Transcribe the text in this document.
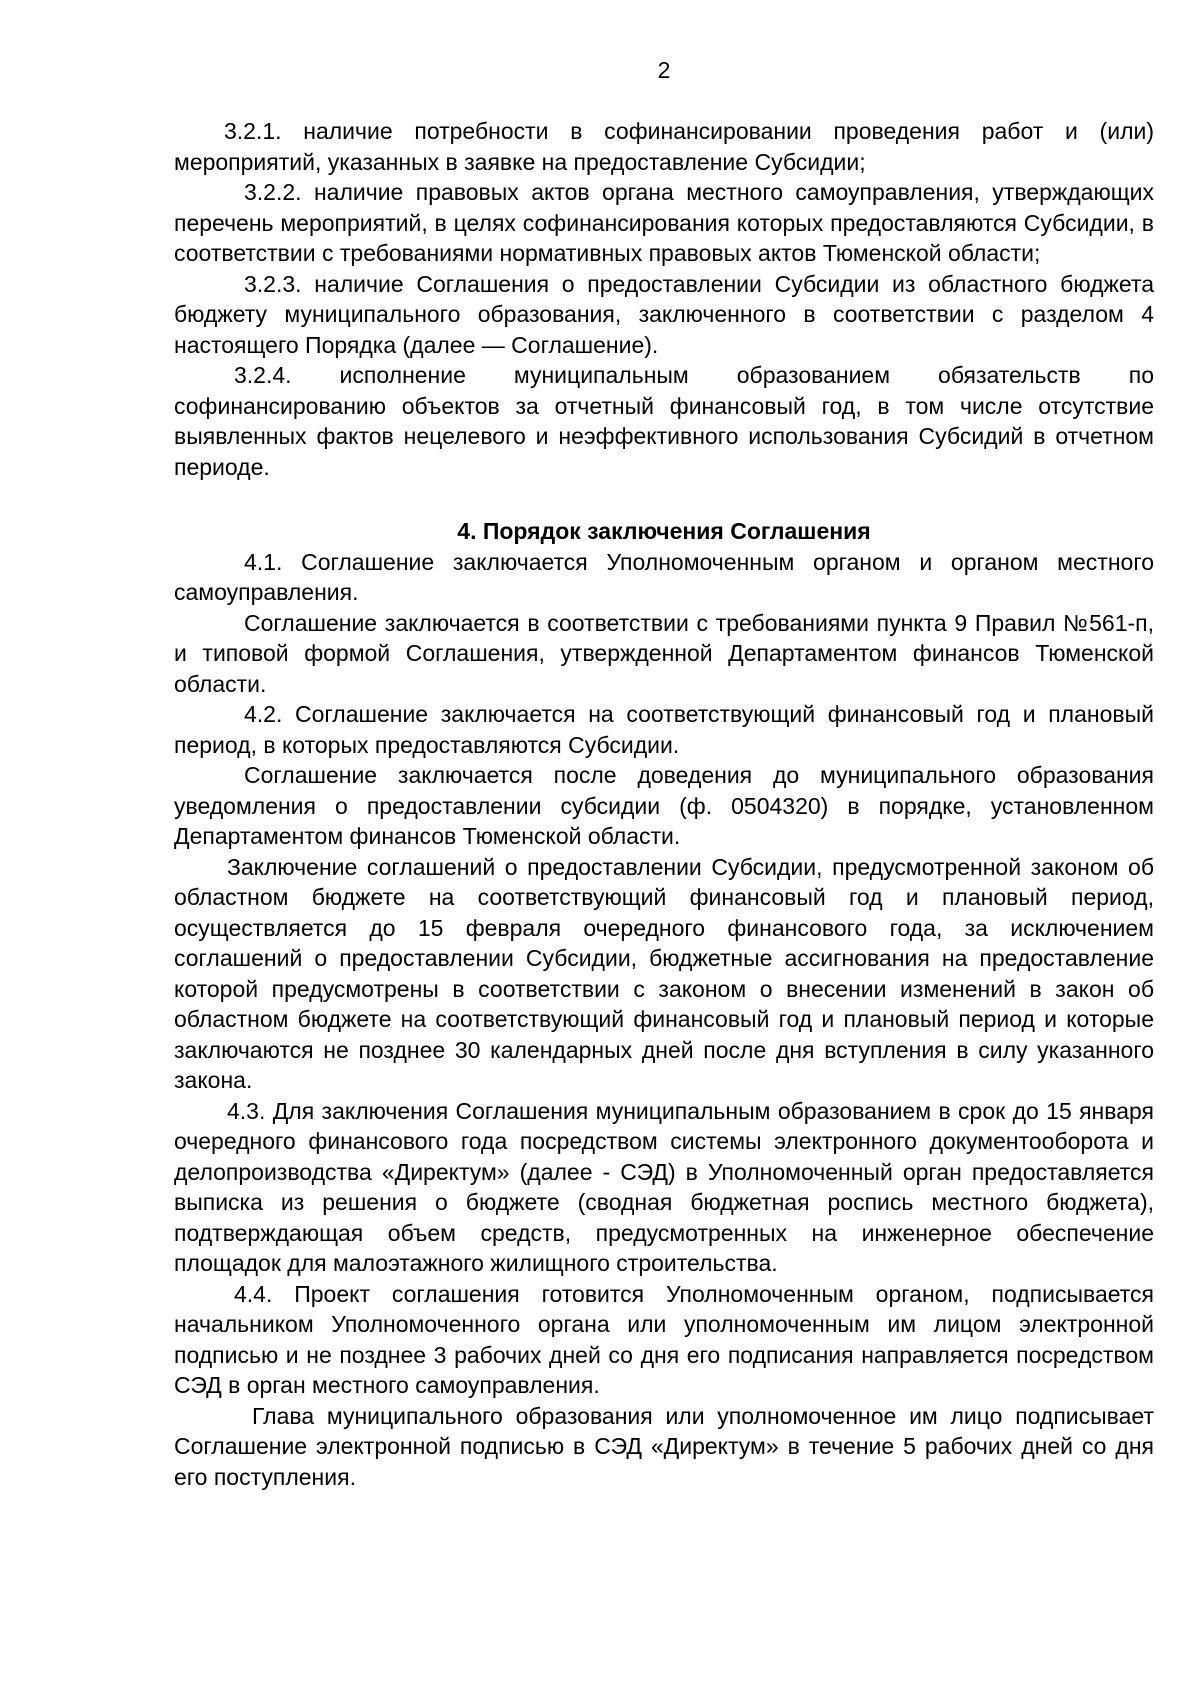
2

3.2.1. наличие потребности в софинансировании проведения работ и (или) мероприятий, указанных в заявке на предоставление Субсидии;

3.2.2. наличие правовых актов органа местного самоуправления, утверждающих перечень мероприятий, в целях софинансирования которых предоставляются Субсидии, в соответствии с требованиями нормативных правовых актов Тюменской области;

3.2.3. наличие Соглашения о предоставлении Субсидии из областного бюджета бюджету муниципального образования, заключенного в соответствии с разделом 4 настоящего Порядка (далее — Соглашение).

3.2.4. исполнение муниципальным образованием обязательств по софинансированию объектов за отчетный финансовый год, в том числе отсутствие выявленных фактов нецелевого и неэффективного использования Субсидий в отчетном периоде.

4. Порядок заключения Соглашения

4.1. Соглашение заключается Уполномоченным органом и органом местного самоуправления.

Соглашение заключается в соответствии с требованиями пункта 9 Правил №561-п, и типовой формой Соглашения, утвержденной Департаментом финансов Тюменской области.

4.2. Соглашение заключается на соответствующий финансовый год и плановый период, в которых предоставляются Субсидии.

Соглашение заключается после доведения до муниципального образования уведомления о предоставлении субсидии (ф. 0504320) в порядке, установленном Департаментом финансов Тюменской области.

Заключение соглашений о предоставлении Субсидии, предусмотренной законом об областном бюджете на соответствующий финансовый год и плановый период, осуществляется до 15 февраля очередного финансового года, за исключением соглашений о предоставлении Субсидии, бюджетные ассигнования на предоставление которой предусмотрены в соответствии с законом о внесении изменений в закон об областном бюджете на соответствующий финансовый год и плановый период и которые заключаются не позднее 30 календарных дней после дня вступления в силу указанного закона.

4.3. Для заключения Соглашения муниципальным образованием в срок до 15 января очередного финансового года посредством системы электронного документооборота и делопроизводства «Директум» (далее - СЭД) в Уполномоченный орган предоставляется выписка из решения о бюджете (сводная бюджетная роспись местного бюджета), подтверждающая объем средств, предусмотренных на инженерное обеспечение площадок для малоэтажного жилищного строительства.

4.4. Проект соглашения готовится Уполномоченным органом, подписывается начальником Уполномоченного органа или уполномоченным им лицом электронной подписью и не позднее 3 рабочих дней со дня его подписания направляется посредством СЭД в орган местного самоуправления.

Глава муниципального образования или уполномоченное им лицо подписывает Соглашение электронной подписью в СЭД «Директум» в течение 5 рабочих дней со дня его поступления.
